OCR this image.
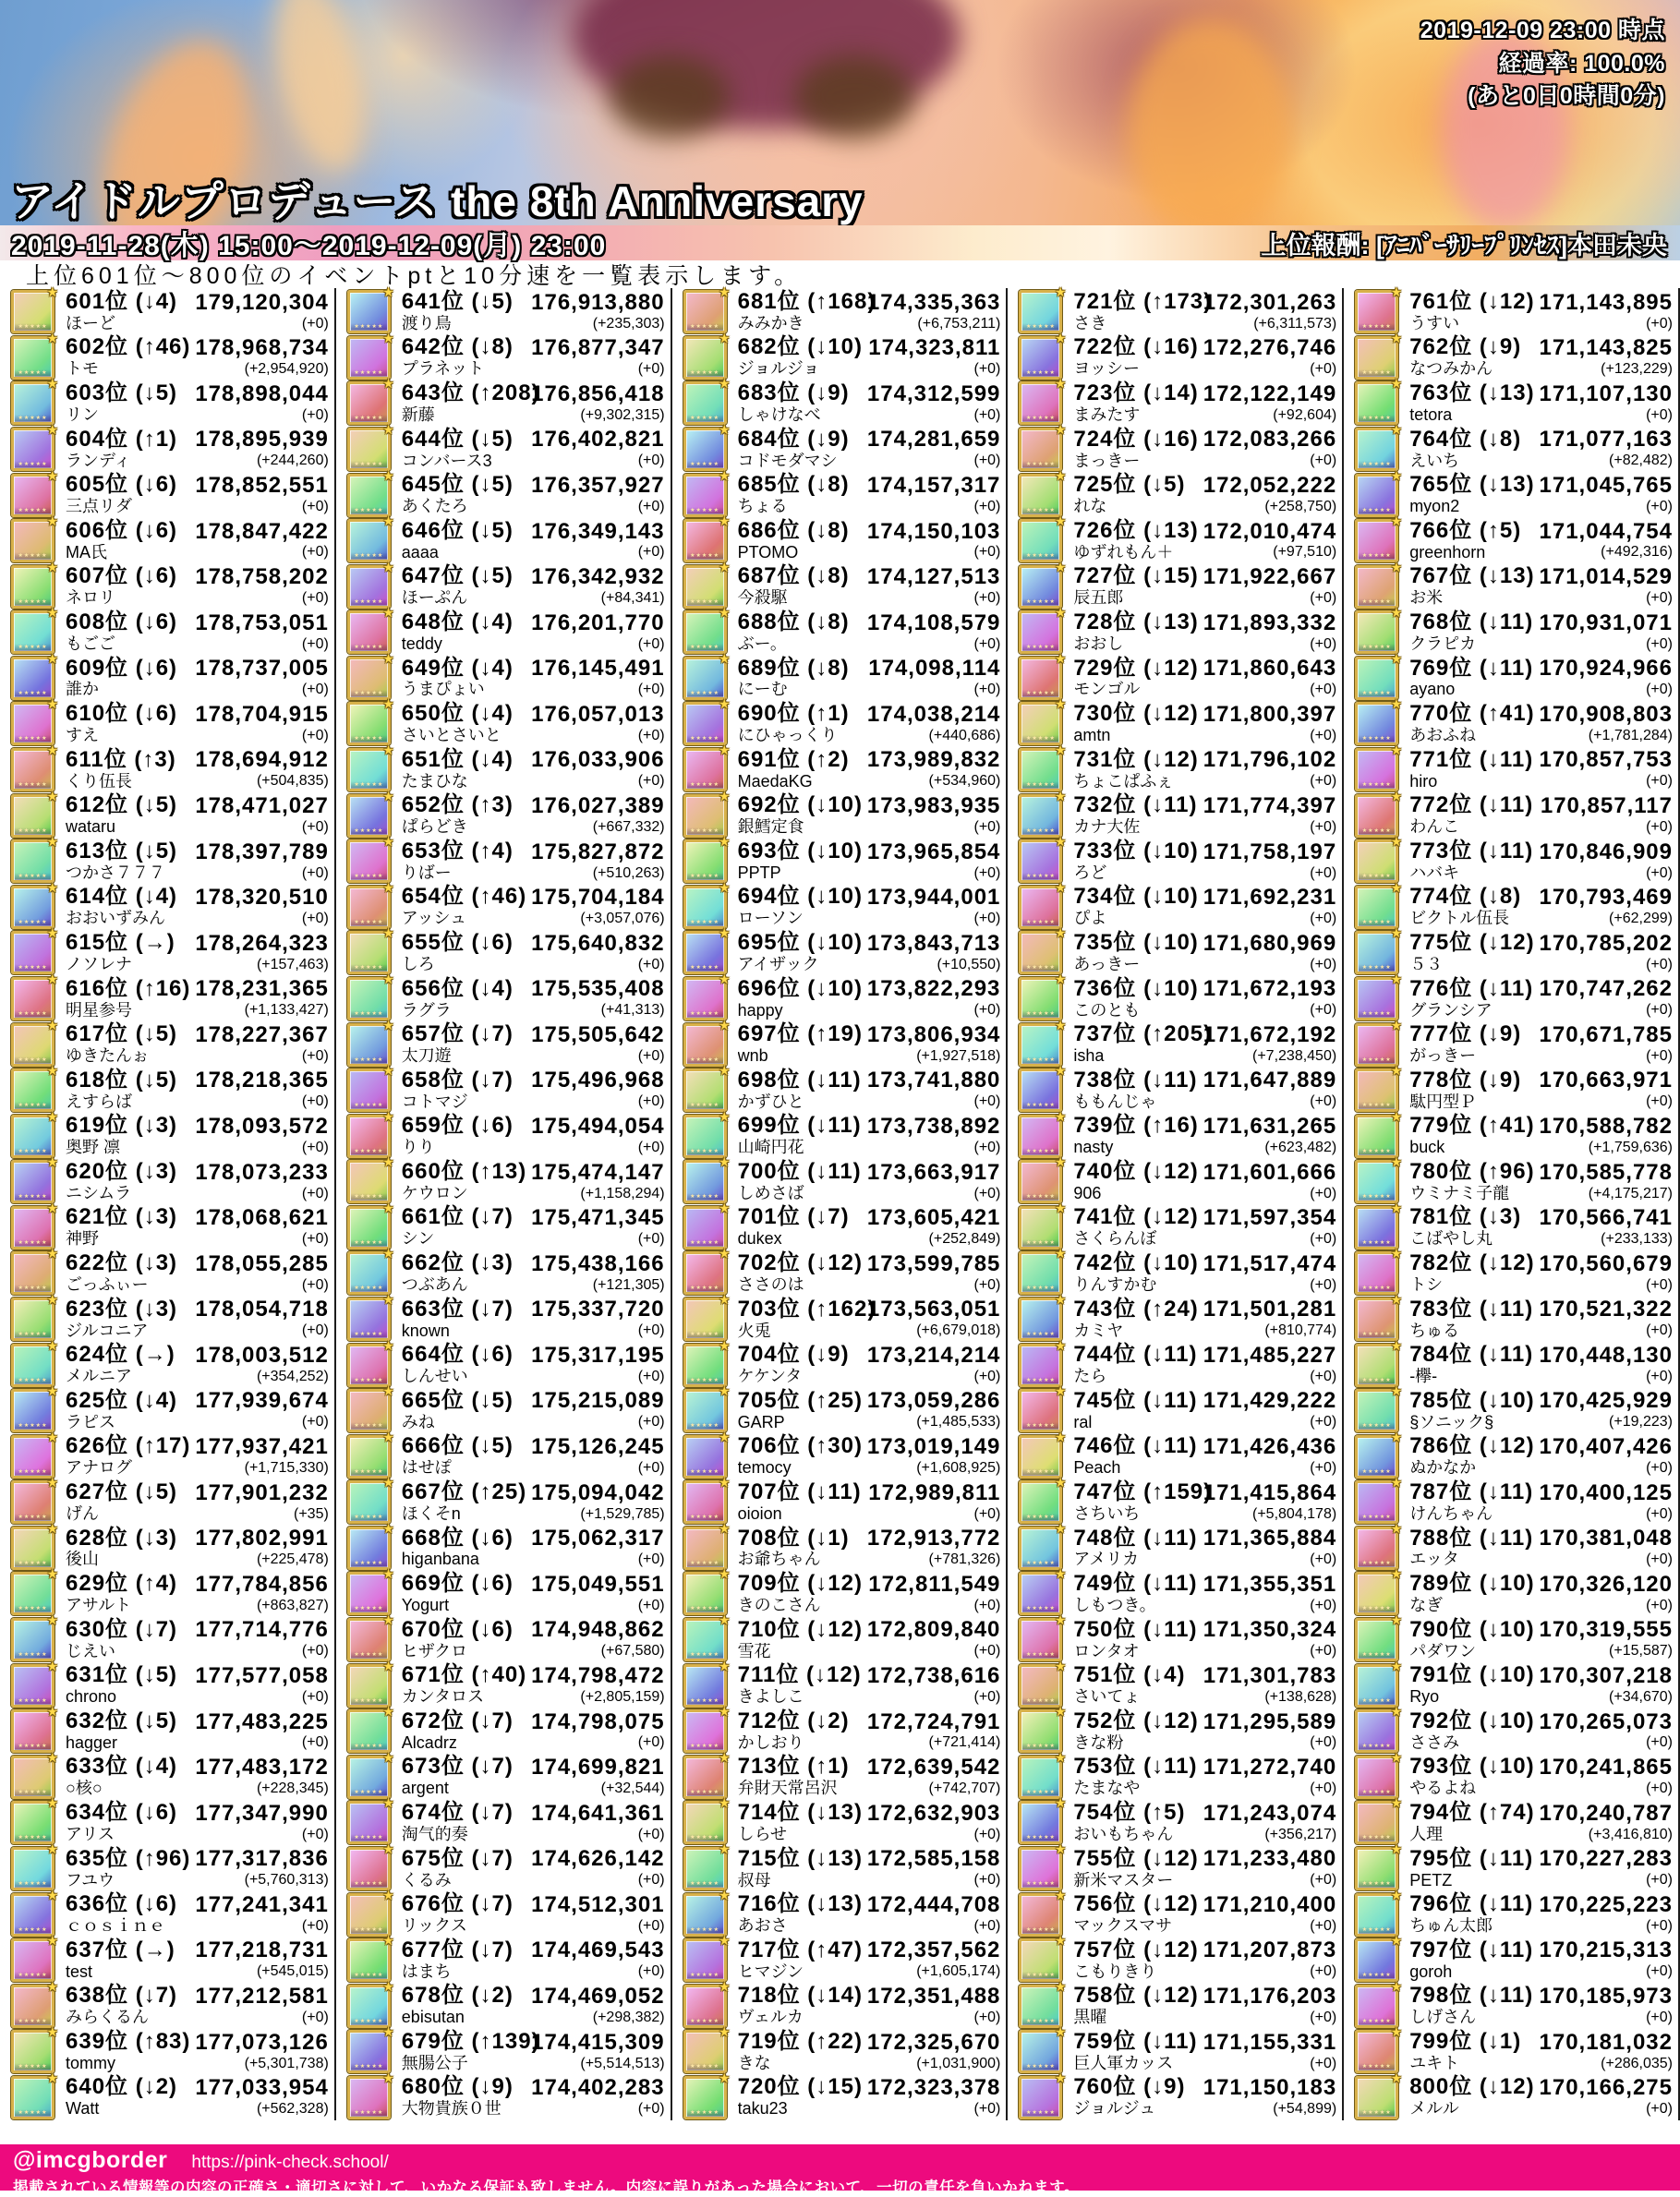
2019-12-09 23:00 時点
経過率: 100.0%
(あと0日0時間0分)
アイドルプロデュース the 8th Anniversary
2019-11-28(木) 15:00〜2019-12-09(月) 23:00	上位報酬: [ｱﾆﾊﾞｰｻﾘｰﾌﾟﾘﾝｾｽ]本田未央
上位601位〜800位のイベントptと10分速を一覧表示します。
★
★★★★★
601位 (↓4)
ほーど
179,120,304
(+0)
★
★★★★★
602位 (↑46)
トモ
178,968,734
(+2,954,920)
★
★★★★★
603位 (↓5)
リン
178,898,044
(+0)
★
★★★★★
604位 (↑1)
ランディ
178,895,939
(+244,260)
★
★★★★★
605位 (↓6)
三点リダ
178,852,551
(+0)
★
★★★★★
606位 (↓6)
MA氏
178,847,422
(+0)
★
★★★★★
607位 (↓6)
ネロリ
178,758,202
(+0)
★
★★★★★
608位 (↓6)
もごご
178,753,051
(+0)
★
★★★★★
609位 (↓6)
誰か
178,737,005
(+0)
★
★★★★★
610位 (↓6)
すえ
178,704,915
(+0)
★
★★★★★
611位 (↑3)
くり伍長
178,694,912
(+504,835)
★
★★★★★
612位 (↓5)
wataru
178,471,027
(+0)
★
★★★★★
613位 (↓5)
つかさ７７７
178,397,789
(+0)
★
★★★★★
614位 (↓4)
おおいずみん
178,320,510
(+0)
★
★★★★★
615位 (→)
ノソレナ
178,264,323
(+157,463)
★
★★★★★
616位 (↑16)
明星参号
178,231,365
(+1,133,427)
★
★★★★★
617位 (↓5)
ゆきたんぉ
178,227,367
(+0)
★
★★★★★
618位 (↓5)
えすらば
178,218,365
(+0)
★
★★★★★
619位 (↓3)
奥野 凛
178,093,572
(+0)
★
★★★★★
620位 (↓3)
ニシムラ
178,073,233
(+0)
★
★★★★★
621位 (↓3)
神野
178,068,621
(+0)
★
★★★★★
622位 (↓3)
ごっふぃー
178,055,285
(+0)
★
★★★★★
623位 (↓3)
ジルコニア
178,054,718
(+0)
★
★★★★★
624位 (→)
メルニア
178,003,512
(+354,252)
★
★★★★★
625位 (↓4)
ラピス
177,939,674
(+0)
★
★★★★★
626位 (↑17)
アナログ
177,937,421
(+1,715,330)
★
★★★★★
627位 (↓5)
げん
177,901,232
(+35)
★
★★★★★
628位 (↓3)
後山
177,802,991
(+225,478)
★
★★★★★
629位 (↑4)
アサルト
177,784,856
(+863,827)
★
★★★★★
630位 (↓7)
じえい
177,714,776
(+0)
★
★★★★★
631位 (↓5)
chrono
177,577,058
(+0)
★
★★★★★
632位 (↓5)
hagger
177,483,225
(+0)
★
★★★★★
633位 (↓4)
○核○
177,483,172
(+228,345)
★
★★★★★
634位 (↓6)
アリス
177,347,990
(+0)
★
★★★★★
635位 (↑96)
フユウ
177,317,836
(+5,760,313)
★
★★★★★
636位 (↓6)
ｃｏｓｉｎｅ
177,241,341
(+0)
★
★★★★★
637位 (→)
test
177,218,731
(+545,015)
★
★★★★★
638位 (↓7)
みらくるん
177,212,581
(+0)
★
★★★★★
639位 (↑83)
tommy
177,073,126
(+5,301,738)
★
★★★★★
640位 (↓2)
Watt
177,033,954
(+562,328)
★
★★★★★
641位 (↓5)
渡り鳥
176,913,880
(+235,303)
★
★★★★★
642位 (↓8)
プラネット
176,877,347
(+0)
★
★★★★★
643位 (↑208)
新藤
176,856,418
(+9,302,315)
★
★★★★★
644位 (↓5)
コンバース3
176,402,821
(+0)
★
★★★★★
645位 (↓5)
あくたろ
176,357,927
(+0)
★
★★★★★
646位 (↓5)
aaaa
176,349,143
(+0)
★
★★★★★
647位 (↓5)
ほーぷん
176,342,932
(+84,341)
★
★★★★★
648位 (↓4)
teddy
176,201,770
(+0)
★
★★★★★
649位 (↓4)
うまぴょい
176,145,491
(+0)
★
★★★★★
650位 (↓4)
さいとさいと
176,057,013
(+0)
★
★★★★★
651位 (↓4)
たまひな
176,033,906
(+0)
★
★★★★★
652位 (↑3)
ぱらどき
176,027,389
(+667,332)
★
★★★★★
653位 (↑4)
りばー
175,827,872
(+510,263)
★
★★★★★
654位 (↑46)
アッシュ
175,704,184
(+3,057,076)
★
★★★★★
655位 (↓6)
しろ
175,640,832
(+0)
★
★★★★★
656位 (↓4)
ラグラ
175,535,408
(+41,313)
★
★★★★★
657位 (↓7)
太刀遊
175,505,642
(+0)
★
★★★★★
658位 (↓7)
コトマジ
175,496,968
(+0)
★
★★★★★
659位 (↓6)
りり
175,494,054
(+0)
★
★★★★★
660位 (↑13)
ケウロン
175,474,147
(+1,158,294)
★
★★★★★
661位 (↓7)
シン
175,471,345
(+0)
★
★★★★★
662位 (↓3)
つぶあん
175,438,166
(+121,305)
★
★★★★★
663位 (↓7)
known
175,337,720
(+0)
★
★★★★★
664位 (↓6)
しんせい
175,317,195
(+0)
★
★★★★★
665位 (↓5)
みね
175,215,089
(+0)
★
★★★★★
666位 (↓5)
はせぽ
175,126,245
(+0)
★
★★★★★
667位 (↑25)
ほくそn
175,094,042
(+1,529,785)
★
★★★★★
668位 (↓6)
higanbana
175,062,317
(+0)
★
★★★★★
669位 (↓6)
Yogurt
175,049,551
(+0)
★
★★★★★
670位 (↓6)
ヒザクロ
174,948,862
(+67,580)
★
★★★★★
671位 (↑40)
カンタロス
174,798,472
(+2,805,159)
★
★★★★★
672位 (↓7)
Alcadrz
174,798,075
(+0)
★
★★★★★
673位 (↓7)
argent
174,699,821
(+32,544)
★
★★★★★
674位 (↓7)
淘气的奏
174,641,361
(+0)
★
★★★★★
675位 (↓7)
くるみ
174,626,142
(+0)
★
★★★★★
676位 (↓7)
リックス
174,512,301
(+0)
★
★★★★★
677位 (↓7)
はまち
174,469,543
(+0)
★
★★★★★
678位 (↓2)
ebisutan
174,469,052
(+298,382)
★
★★★★★
679位 (↑139)
無腸公子
174,415,309
(+5,514,513)
★
★★★★★
680位 (↓9)
大物貴族０世
174,402,283
(+0)
★
★★★★★
681位 (↑168)
みみかき
174,335,363
(+6,753,211)
★
★★★★★
682位 (↓10)
ジョルジョ
174,323,811
(+0)
★
★★★★★
683位 (↓9)
しゃけなべ
174,312,599
(+0)
★
★★★★★
684位 (↓9)
コドモダマシ
174,281,659
(+0)
★
★★★★★
685位 (↓8)
ちょる
174,157,317
(+0)
★
★★★★★
686位 (↓8)
PTOMO
174,150,103
(+0)
★
★★★★★
687位 (↓8)
今殺駆
174,127,513
(+0)
★
★★★★★
688位 (↓8)
ぶー。
174,108,579
(+0)
★
★★★★★
689位 (↓8)
にーむ
174,098,114
(+0)
★
★★★★★
690位 (↑1)
にひゃっくり
174,038,214
(+440,686)
★
★★★★★
691位 (↑2)
MaedaKG
173,989,832
(+534,960)
★
★★★★★
692位 (↓10)
銀鱈定食
173,983,935
(+0)
★
★★★★★
693位 (↓10)
PPTP
173,965,854
(+0)
★
★★★★★
694位 (↓10)
ローソン
173,944,001
(+0)
★
★★★★★
695位 (↓10)
アイザック
173,843,713
(+10,550)
★
★★★★★
696位 (↓10)
happy
173,822,293
(+0)
★
★★★★★
697位 (↑19)
wnb
173,806,934
(+1,927,518)
★
★★★★★
698位 (↓11)
かずひと
173,741,880
(+0)
★
★★★★★
699位 (↓11)
山崎円花
173,738,892
(+0)
★
★★★★★
700位 (↓11)
しめさば
173,663,917
(+0)
★
★★★★★
701位 (↓7)
dukex
173,605,421
(+252,849)
★
★★★★★
702位 (↓12)
ささのは
173,599,785
(+0)
★
★★★★★
703位 (↑162)
火兎
173,563,051
(+6,679,018)
★
★★★★★
704位 (↓9)
ケケンタ
173,214,214
(+0)
★
★★★★★
705位 (↑25)
GARP
173,059,286
(+1,485,533)
★
★★★★★
706位 (↑30)
temocy
173,019,149
(+1,608,925)
★
★★★★★
707位 (↓11)
oioion
172,989,811
(+0)
★
★★★★★
708位 (↓1)
お爺ちゃん
172,913,772
(+781,326)
★
★★★★★
709位 (↓12)
きのこさん
172,811,549
(+0)
★
★★★★★
710位 (↓12)
雪花
172,809,840
(+0)
★
★★★★★
711位 (↓12)
きよしこ
172,738,616
(+0)
★
★★★★★
712位 (↓2)
かしおり
172,724,791
(+721,414)
★
★★★★★
713位 (↑1)
弁財天常呂沢
172,639,542
(+742,707)
★
★★★★★
714位 (↓13)
しらせ
172,632,903
(+0)
★
★★★★★
715位 (↓13)
叔母
172,585,158
(+0)
★
★★★★★
716位 (↓13)
あおさ
172,444,708
(+0)
★
★★★★★
717位 (↑47)
ヒマジン
172,357,562
(+1,605,174)
★
★★★★★
718位 (↓14)
ヴェルカ
172,351,488
(+0)
★
★★★★★
719位 (↑22)
きな
172,325,670
(+1,031,900)
★
★★★★★
720位 (↓15)
taku23
172,323,378
(+0)
★
★★★★★
721位 (↑173)
さき
172,301,263
(+6,311,573)
★
★★★★★
722位 (↓16)
ヨッシー
172,276,746
(+0)
★
★★★★★
723位 (↓14)
まみたす
172,122,149
(+92,604)
★
★★★★★
724位 (↓16)
まっきー
172,083,266
(+0)
★
★★★★★
725位 (↓5)
れな
172,052,222
(+258,750)
★
★★★★★
726位 (↓13)
ゆずれもん＋
172,010,474
(+97,510)
★
★★★★★
727位 (↓15)
辰五郎
171,922,667
(+0)
★
★★★★★
728位 (↓13)
おおし
171,893,332
(+0)
★
★★★★★
729位 (↓12)
モンゴル
171,860,643
(+0)
★
★★★★★
730位 (↓12)
amtn
171,800,397
(+0)
★
★★★★★
731位 (↓12)
ちょこぱふぇ
171,796,102
(+0)
★
★★★★★
732位 (↓11)
カナ大佐
171,774,397
(+0)
★
★★★★★
733位 (↓10)
ろど
171,758,197
(+0)
★
★★★★★
734位 (↓10)
ぴよ
171,692,231
(+0)
★
★★★★★
735位 (↓10)
あっきー
171,680,969
(+0)
★
★★★★★
736位 (↓10)
このとも
171,672,193
(+0)
★
★★★★★
737位 (↑205)
isha
171,672,192
(+7,238,450)
★
★★★★★
738位 (↓11)
ももんじゃ
171,647,889
(+0)
★
★★★★★
739位 (↑16)
nasty
171,631,265
(+623,482)
★
★★★★★
740位 (↓12)
906
171,601,666
(+0)
★
★★★★★
741位 (↓12)
さくらんぼ
171,597,354
(+0)
★
★★★★★
742位 (↓10)
りんすかむ
171,517,474
(+0)
★
★★★★★
743位 (↑24)
カミヤ
171,501,281
(+810,774)
★
★★★★★
744位 (↓11)
たら
171,485,227
(+0)
★
★★★★★
745位 (↓11)
ral
171,429,222
(+0)
★
★★★★★
746位 (↓11)
Peach
171,426,436
(+0)
★
★★★★★
747位 (↑159)
さちいち
171,415,864
(+5,804,178)
★
★★★★★
748位 (↓11)
アメリカ
171,365,884
(+0)
★
★★★★★
749位 (↓11)
しもつき。
171,355,351
(+0)
★
★★★★★
750位 (↓11)
ロンタオ
171,350,324
(+0)
★
★★★★★
751位 (↓4)
さいてょ
171,301,783
(+138,628)
★
★★★★★
752位 (↓12)
きな粉
171,295,589
(+0)
★
★★★★★
753位 (↓11)
たまなや
171,272,740
(+0)
★
★★★★★
754位 (↑5)
おいもちゃん
171,243,074
(+356,217)
★
★★★★★
755位 (↓12)
新米マスター
171,233,480
(+0)
★
★★★★★
756位 (↓12)
マックスマサ
171,210,400
(+0)
★
★★★★★
757位 (↓12)
こもりきり
171,207,873
(+0)
★
★★★★★
758位 (↓12)
黒曜
171,176,203
(+0)
★
★★★★★
759位 (↓11)
巨人軍カッス
171,155,331
(+0)
★
★★★★★
760位 (↓9)
ジョルジュ
171,150,183
(+54,899)
★
★★★★★
761位 (↓12)
うすい
171,143,895
(+0)
★
★★★★★
762位 (↓9)
なつみかん
171,143,825
(+123,229)
★
★★★★★
763位 (↓13)
tetora
171,107,130
(+0)
★
★★★★★
764位 (↓8)
えいち
171,077,163
(+82,482)
★
★★★★★
765位 (↓13)
myon2
171,045,765
(+0)
★
★★★★★
766位 (↑5)
greenhorn
171,044,754
(+492,316)
★
★★★★★
767位 (↓13)
お米
171,014,529
(+0)
★
★★★★★
768位 (↓11)
クラピカ
170,931,071
(+0)
★
★★★★★
769位 (↓11)
ayano
170,924,966
(+0)
★
★★★★★
770位 (↑41)
あおふね
170,908,803
(+1,781,284)
★
★★★★★
771位 (↓11)
hiro
170,857,753
(+0)
★
★★★★★
772位 (↓11)
わんこ
170,857,117
(+0)
★
★★★★★
773位 (↓11)
ハバキ
170,846,909
(+0)
★
★★★★★
774位 (↓8)
ビクトル伍長
170,793,469
(+62,299)
★
★★★★★
775位 (↓12)
５３
170,785,202
(+0)
★
★★★★★
776位 (↓11)
グランシア
170,747,262
(+0)
★
★★★★★
777位 (↓9)
がっきー
170,671,785
(+0)
★
★★★★★
778位 (↓9)
駄円型Ｐ
170,663,971
(+0)
★
★★★★★
779位 (↑41)
buck
170,588,782
(+1,759,636)
★
★★★★★
780位 (↑96)
ウミナミ子龍
170,585,778
(+4,175,217)
★
★★★★★
781位 (↓3)
こばやし丸
170,566,741
(+233,133)
★
★★★★★
782位 (↓12)
トシ
170,560,679
(+0)
★
★★★★★
783位 (↓11)
ちゅる
170,521,322
(+0)
★
★★★★★
784位 (↓11)
-欅-
170,448,130
(+0)
★
★★★★★
785位 (↓10)
§ソニック§
170,425,929
(+19,223)
★
★★★★★
786位 (↓12)
ぬかなか
170,407,426
(+0)
★
★★★★★
787位 (↓11)
けんちゃん
170,400,125
(+0)
★
★★★★★
788位 (↓11)
エッタ
170,381,048
(+0)
★
★★★★★
789位 (↓10)
なぎ
170,326,120
(+0)
★
★★★★★
790位 (↓10)
パダワン
170,319,555
(+15,587)
★
★★★★★
791位 (↓10)
Ryo
170,307,218
(+34,670)
★
★★★★★
792位 (↓10)
ささみ
170,265,073
(+0)
★
★★★★★
793位 (↓10)
やるよね
170,241,865
(+0)
★
★★★★★
794位 (↑74)
人理
170,240,787
(+3,416,810)
★
★★★★★
795位 (↓11)
PETZ
170,227,283
(+0)
★
★★★★★
796位 (↓11)
ちゅん太郎
170,225,223
(+0)
★
★★★★★
797位 (↓11)
goroh
170,215,313
(+0)
★
★★★★★
798位 (↓11)
しげさん
170,185,973
(+0)
★
★★★★★
799位 (↓1)
ユキト
170,181,032
(+286,035)
★
★★★★★
800位 (↓12)
メルル
170,166,275
(+0)
@imcgborder https://pink-check.school/
掲載されている情報等の内容の正確さ・適切さに対して、いかなる保証も致しません。内容に誤りがあった場合において、一切の責任を負いかねます。
